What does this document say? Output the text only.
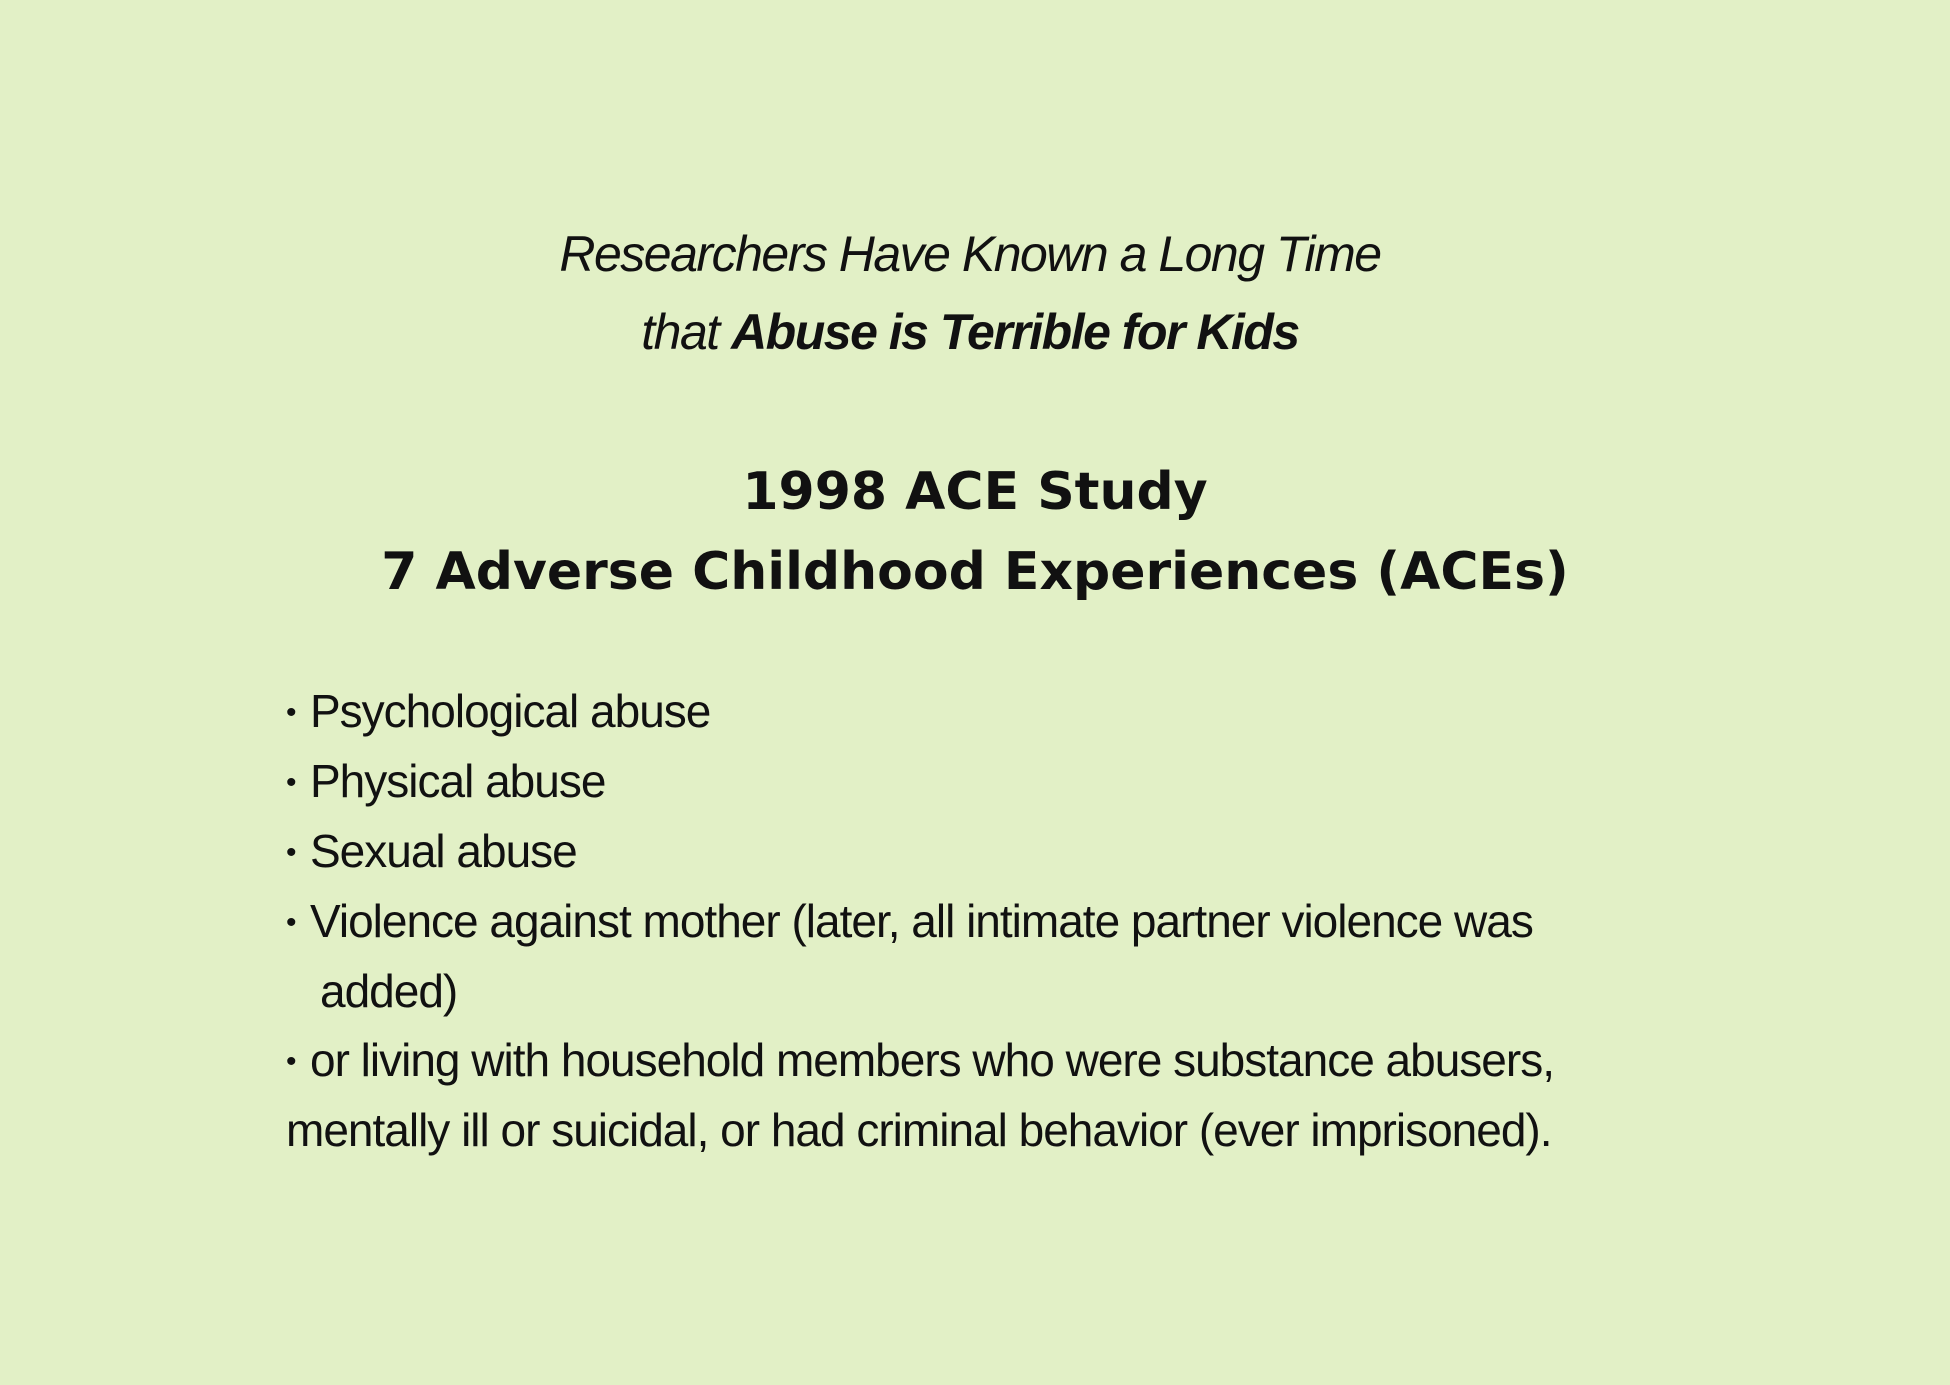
Researchers Have Known a Long Time
that Abuse is Terrible for Kids
1998 ACE Study
7 Adverse Childhood Experiences (ACEs)
• Psychological abuse
• Physical abuse
• Sexual abuse
• Violence against mother (later, all intimate partner violence was
added)
• or living with household members who were substance abusers,
mentally ill or suicidal, or had criminal behavior (ever imprisoned).
